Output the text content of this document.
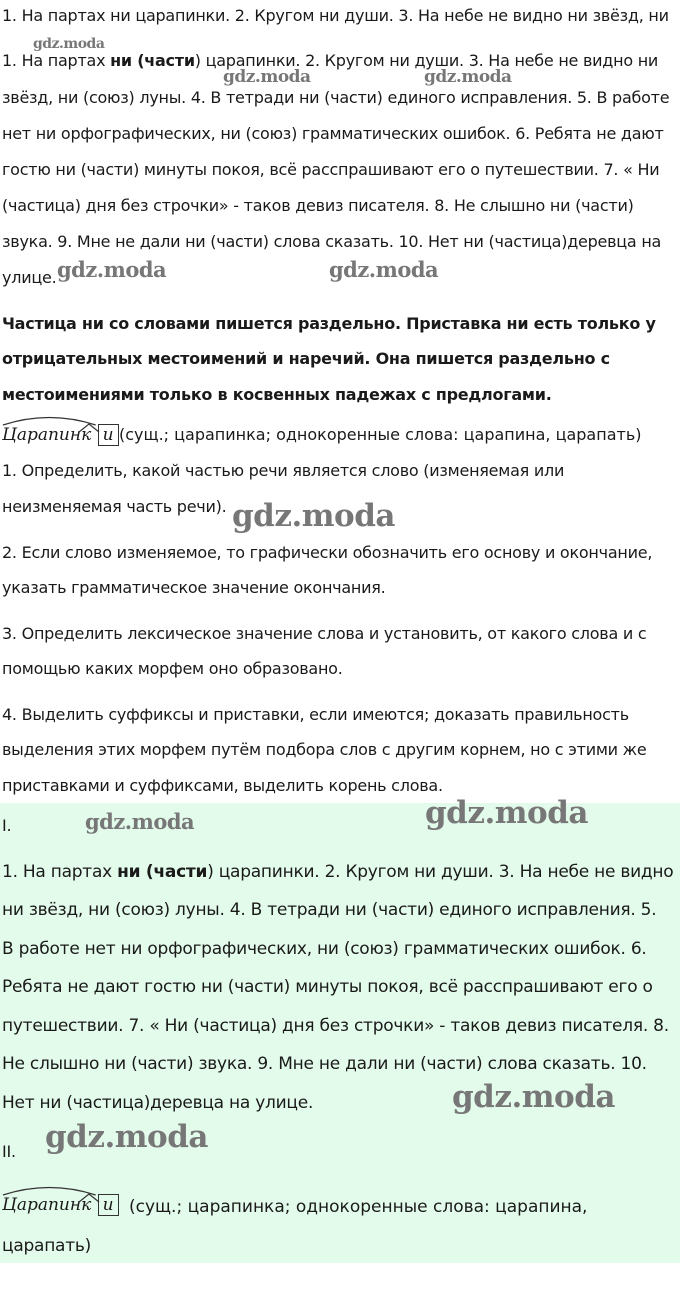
1. На партах ни царапинки. 2. Кругом ни души. 3. На небе не видно ни звёзд, ни
gdz.moda
1. На партах ни (части) царапинки. 2. Кругом ни души. 3. На небе не видно ни
gdz.moda	gdz.moda
звёзд, ни (союз) луны. 4. В тетради ни (части) единого исправления. 5. В работе
нет ни орфографических, ни (союз) грамматических ошибок. 6. Ребята не дают
гостю ни (части) минуты покоя, всё расспрашивают его о путешествии. 7. « Ни
(частица) дня без строчки» - таков девиз писателя. 8. Не слышно ни (части)
звука. 9. Мне не дали ни (части) слова сказать. 10. Нет ни (частица)деревца на
улице. gdz.moda	gdz.moda
Частица ни со словами пишется раздельно. Приставка ни есть только у
отрицательных местоимений и наречий. Она пишется раздельно с
местоимениями только в косвенных падежах с предлогами.
Царапинк и (сущ.; царапинка; однокоренные слова: царапина, царапать)
1. Определить, какой частью речи является слово (изменяемая или
неизменяемая часть речи). gdz.moda
2. Если слово изменяемое, то графически обозначить его основу и окончание,
указать грамматическое значение окончания.
3. Определить лексическое значение слова и установить, от какого слова и с
помощью каких морфем оно образовано.
4. Выделить суффиксы и приставки, если имеются; доказать правильность
выделения этих морфем путём подбора слов с другим корнем, но с этими же
приставками и суффиксами, выделить корень слова.
I.	gdz.moda	gdz.moda
1. На партах ни (части) царапинки. 2. Кругом ни души. 3. На небе не видно
ни звёзд, ни (союз) луны. 4. В тетради ни (части) единого исправления. 5.
В работе нет ни орфографических, ни (союз) грамматических ошибок. 6.
Ребята не дают гостю ни (части) минуты покоя, всё расспрашивают его о
путешествии. 7. « Ни (частица) дня без строчки» - таков девиз писателя. 8.
Не слышно ни (части) звука. 9. Мне не дали ни (части) слова сказать. 10.
Нет ни (частица)деревца на улице.	gdz.moda
II. gdz.moda
Царапинк и (сущ.; царапинка; однокоренные слова: царапина,
царапать)
